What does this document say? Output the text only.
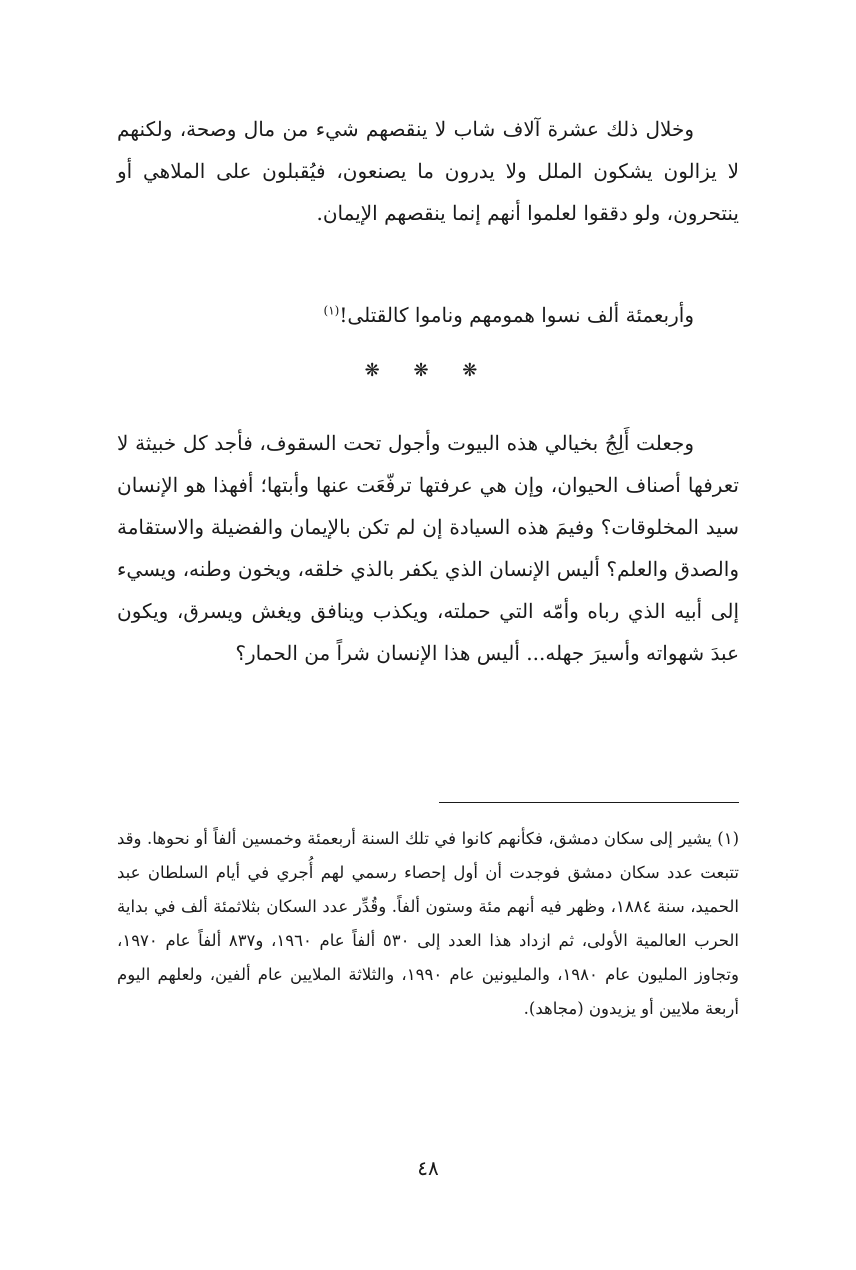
وخلال ذلك عشرة آلاف شاب لا ينقصهم شيء من مال وصحة، ولكنهم لا يزالون يشكون الملل ولا يدرون ما يصنعون، فيُقبلون على الملاهي أو ينتحرون، ولو دققوا لعلموا أنهم إنما ينقصهم الإيمان.

وأربعمئة ألف نسوا همومهم وناموا كالقتلى!$^{(١)}$

❋ ❋ ❋

وجعلت أَلِجُ بخيالي هذه البيوت وأجول تحت السقوف، فأجد كل خبيثة لا تعرفها أصناف الحيوان، وإن هي عرفتها ترفّعَت عنها وأبتها؛ أفهذا هو الإنسان سيد المخلوقات؟ وفيمَ هذه السيادة إن لم تكن بالإيمان والفضيلة والاستقامة والصدق والعلم؟ أليس الإنسان الذي يكفر بالذي خلقه، ويخون وطنه، ويسيء إلى أبيه الذي رباه وأمّه التي حملته، ويكذب وينافق ويغش ويسرق، ويكون عبدَ شهواته وأسيرَ جهله... أليس هذا الإنسان شراً من الحمار؟

(١) يشير إلى سكان دمشق، فكأنهم كانوا في تلك السنة أربعمئة وخمسين ألفاً أو نحوها. وقد تتبعت عدد سكان دمشق فوجدت أن أول إحصاء رسمي لهم أُجري في أيام السلطان عبد الحميد، سنة ١٨٨٤، وظهر فيه أنهم مئة وستون ألفاً. وقُدِّر عدد السكان بثلاثمئة ألف في بداية الحرب العالمية الأولى، ثم ازداد هذا العدد إلى ٥٣٠ ألفاً عام ١٩٦٠، و٨٣٧ ألفاً عام ١٩٧٠، وتجاوز المليون عام ١٩٨٠، والمليونين عام ١٩٩٠، والثلاثة الملايين عام ألفين، ولعلهم اليوم أربعة ملايين أو يزيدون (مجاهد).

٤٨
